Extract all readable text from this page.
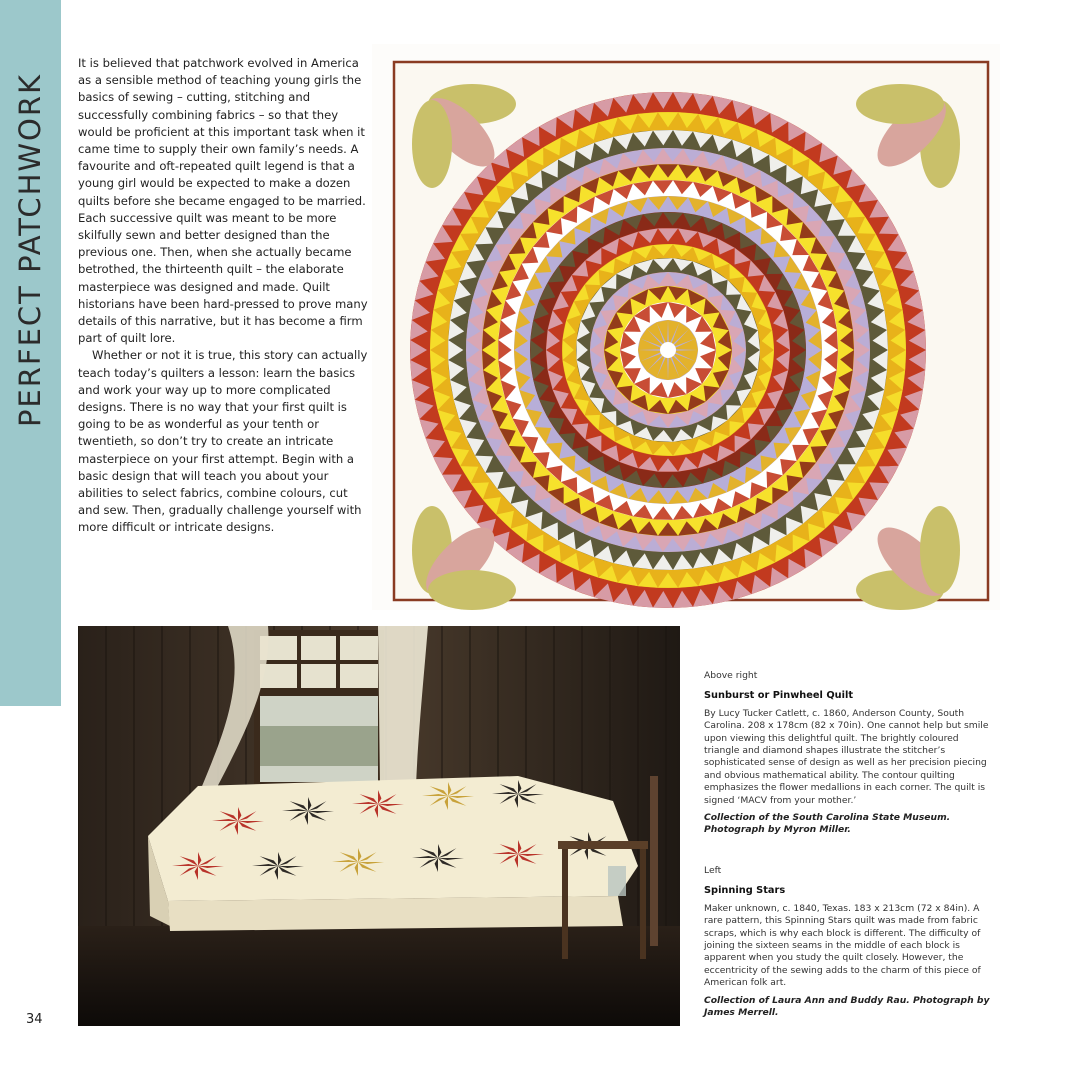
PERFECT PATCHWORK

It is believed that patchwork evolved in America as a sensible method of teaching young girls the basics of sewing – cutting, stitching and successfully combining fabrics – so that they would be proficient at this important task when it came time to supply their own family’s needs. A favourite and oft-repeated quilt legend is that a young girl would be expected to make a dozen quilts before she became engaged to be married. Each successive quilt was meant to be more skilfully sewn and better designed than the previous one. Then, when she actually became betrothed, the thirteenth quilt – the elaborate masterpiece was designed and made. Quilt historians have been hard-pressed to prove many details of this narrative, but it has become a firm part of quilt lore.

Whether or not it is true, this story can actually teach today’s quilters a lesson: learn the basics and work your way up to more complicated designs. There is no way that your first quilt is going to be as wonderful as your tenth or twentieth, so don’t try to create an intricate masterpiece on your first attempt. Begin with a basic design that will teach you about your abilities to select fabrics, combine colours, cut and sew. Then, gradually challenge yourself with more difficult or intricate designs.

Above right

Sunburst or Pinwheel Quilt

By Lucy Tucker Catlett, c. 1860, Anderson County, South Carolina. 208 x 178cm (82 x 70in). One cannot help but smile upon viewing this delightful quilt. The brightly coloured triangle and diamond shapes illustrate the stitcher’s sophisticated sense of design as well as her precision piecing and obvious mathematical ability. The contour quilting emphasizes the flower medallions in each corner. The quilt is signed ‘MACV from your mother.’

Collection of the South Carolina State Museum. Photograph by Myron Miller.

Left

Spinning Stars

Maker unknown, c. 1840, Texas. 183 x 213cm (72 x 84in). A rare pattern, this Spinning Stars quilt was made from fabric scraps, which is why each block is different. The difficulty of joining the sixteen seams in the middle of each block is apparent when you study the quilt closely. However, the eccentricity of the sewing adds to the charm of this piece of American folk art.

Collection of Laura Ann and Buddy Rau. Photograph by James Merrell.

34
